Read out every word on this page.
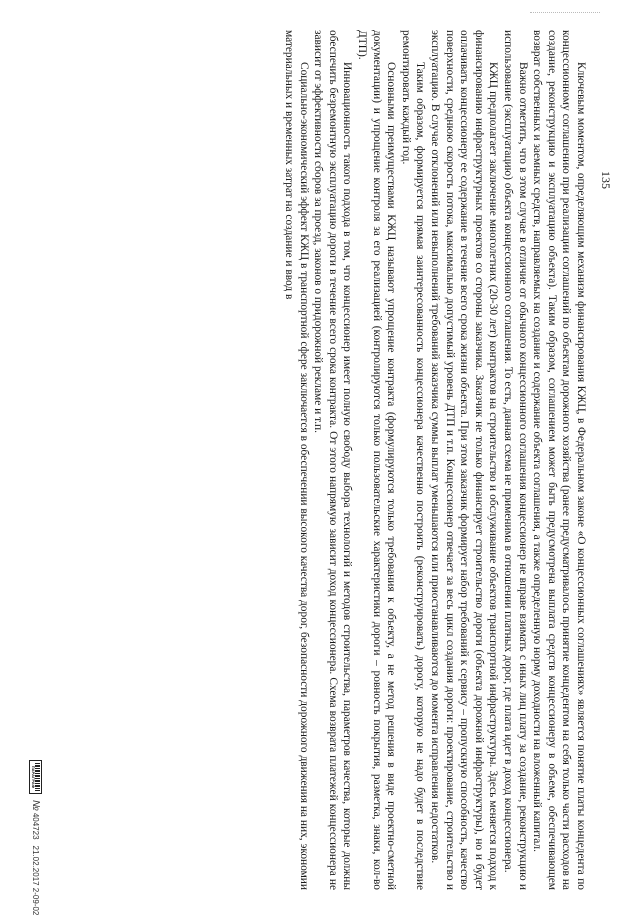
135

Ключевым моментом, определяющим механизм финансирования КЖЦ, в Федеральном законе «О концессионных соглашениях» является понятие платы концедента по концессионному соглашению при реализации соглашений по объектам дорожного хозяйства (ранее предусматривалось принятие концедентом на себя только части расходов на создание, реконструкцию и эксплуатацию объекта). Таким образом, соглашением может быть предусмотрена выплата средств концессионеру в объеме, обеспечивающем возврат собственных и заемных средств, направляемых на создание и содержание объекта соглашения, а также определенную норму доходности на вложенный капитал.

Важно отметить, что в этом случае в отличие от обычного концессионного соглашения концессионер не вправе взимать с иных лиц плату за создание, реконструкцию и использование (эксплуатацию) объекта концессионного соглашения. То есть, данная схема не применима в отношении платных дорог, где плата идет в доход концессионера.

КЖЦ предполагает заключение многолетних (20-30 лет) контрактов на строительство и обслуживание объектов транспортной инфраструктуры. Здесь меняется подход к финансированию инфраструктурных проектов со стороны заказчика. Заказчик не только финансирует строительство дороги (объекта дорожной инфраструктуры), но и будет оплачивать концессионеру ее содержание в течение всего срока жизни объекта. При этом заказчик формирует набор требований к сервису – пропускную способность, качество поверхности, среднюю скорость потока, максимально допустимый уровень ДТП и т.п. Концессионер отвечает за весь цикл создания дороги: проектирование, строительство и эксплуатацию. В случае отклонений или невыполнений требований заказчика суммы выплат уменьшаются или приостанавливаются до момента исправления недостатков.

Таким образом, формируется прямая заинтересованность концессионера качественно построить (реконструировать) дорогу, которую не надо будет в последствие ремонтировать каждый год.

Основными преимуществами КЖЦ называют упрощение контракта (формулируются только требования к объекту, а не метод решения в виде проектно-сметной документации) и упрощение контроля за его реализацией (контролируются только пользовательские характеристики дороги – ровность покрытия, разметка, знаки, кол-во ДТП).

Инновационность такого подхода в том, что концессионер имеет полную свободу выбора технологий и методов строительства, параметров качества, которые должны обеспечить безремонтную эксплуатацию дороги в течение всего срока контракта. От этого напрямую зависит доход концессионера. Схема возврата платежей концессионера не зависит от эффективности сборов за проезд, законов о придорожной рекламе и т.п.

Социально-экономический эффект КЖЦ в транспортной сфере заключается в обеспечении высокого качества дорог, безопасности дорожного движения на них, экономии материальных и временных затрат на создание и ввод в

ПАРАГРАФ
№404723
21.02.2017 2-09-02
